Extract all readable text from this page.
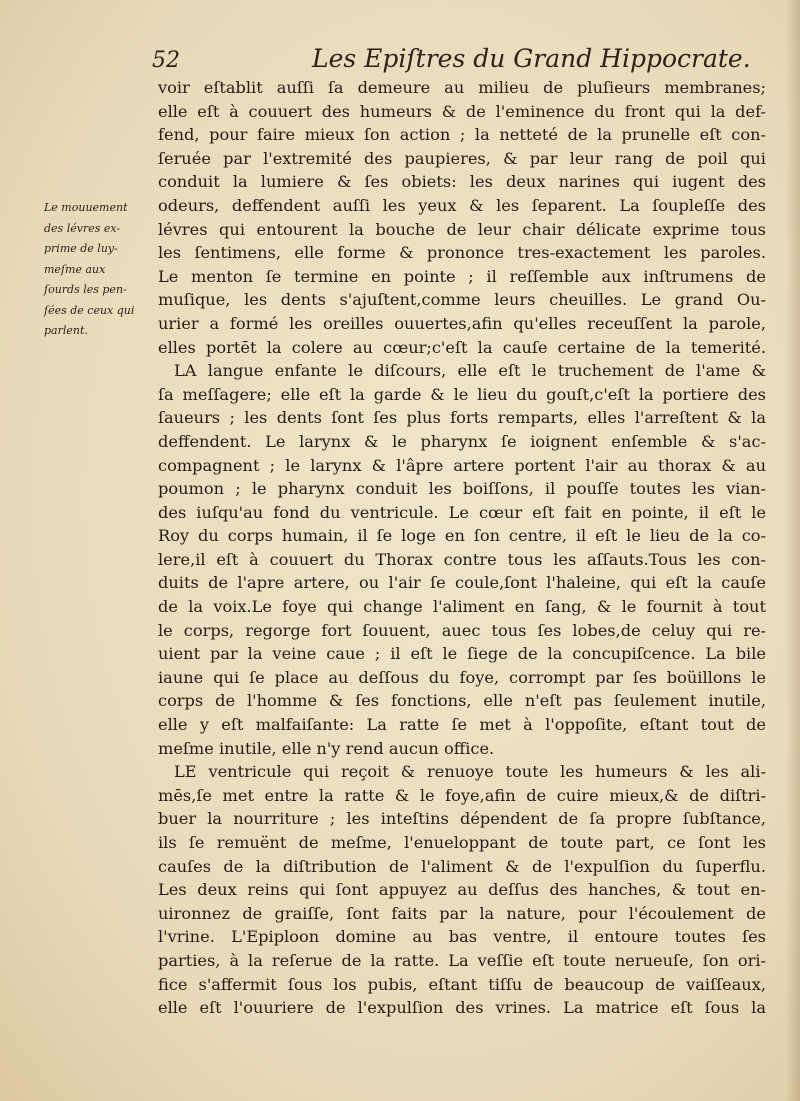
52	Les Epiſtres du Grand Hippocrate.
Le mouuement
des lévres ex-
prime de luy-
meſme aux
ſourds les pen-
ſées de ceux qui
parlent.
voir eſtablit auſſi ſa demeure au milieu de pluſieurs membranes;
elle eſt à couuert des humeurs & de l'eminence du front qui la def-
fend, pour faire mieux ſon action ; la netteté de la prunelle eſt con-
ſeruée par l'extremité des paupieres, & par leur rang de poil qui
conduit la lumiere & ſes obiets: les deux narines qui iugent des
odeurs, deffendent auſſi les yeux & les ſeparent. La ſoupleſſe des
lévres qui entourent la bouche de leur chair délicate exprime tous
les ſentimens, elle forme & prononce tres-exactement les paroles.
Le menton ſe termine en pointe ; il reſſemble aux inſtrumens de
muſique, les dents s'ajuſtent,comme leurs cheuilles. Le grand Ou-
urier a formé les oreilles ouuertes,afin qu'elles receuſſent la parole,
elles portēt la colere au cœur;c'eſt la cauſe certaine de la temerité.
LA langue enfante le diſcours, elle eſt le truchement de l'ame &
ſa meſſagere; elle eſt la garde & le lieu du gouſt,c'eſt la portiere des
ſaueurs ; les dents ſont ſes plus forts remparts, elles l'arreſtent & la
deffendent. Le larynx & le pharynx ſe ioignent enſemble & s'ac-
compagnent ; le larynx & l'âpre artere portent l'air au thorax & au
poumon ; le pharynx conduit les boiſſons, il pouſſe toutes les vian-
des iuſqu'au fond du ventricule. Le cœur eſt fait en pointe, il eſt le
Roy du corps humain, il ſe loge en ſon centre, il eſt le lieu de la co-
lere,il eſt à couuert du Thorax contre tous les aſſauts.Tous les con-
duits de l'apre artere, ou l'air ſe coule,ſont l'haleine, qui eſt la cauſe
de la voix.Le foye qui change l'aliment en ſang, & le fournit à tout
le corps, regorge fort ſouuent, auec tous ſes lobes,de celuy qui re-
uient par la veine caue ; il eſt le ſiege de la concupiſcence. La bile
iaune qui ſe place au deſſous du foye, corrompt par ſes boüillons le
corps de l'homme & ſes fonctions, elle n'eſt pas ſeulement inutile,
elle y eſt malfaiſante: La ratte ſe met à l'oppoſite, eſtant tout de
meſme inutile, elle n'y rend aucun office.
LE ventricule qui reçoit & renuoye toute les humeurs & les ali-
mēs,ſe met entre la ratte & le foye,afin de cuire mieux,& de diſtri-
buer la nourriture ; les inteſtins dépendent de ſa propre ſubſtance,
ils ſe remuënt de meſme, l'enueloppant de toute part, ce ſont les
cauſes de la diſtribution de l'aliment & de l'expulſion du ſuperflu.
Les deux reins qui ſont appuyez au deſſus des hanches, & tout en-
uironnez de graiſſe, ſont faits par la nature, pour l'écoulement de
l'vrine. L'Epiploon domine au bas ventre, il entoure toutes ſes
parties, à la reſerue de la ratte. La veſſie eſt toute nerueuſe, ſon ori-
fice s'affermit ſous los pubis, eſtant tiſſu de beaucoup de vaiſſeaux,
elle eſt l'ouuriere de l'expulſion des vrines. La matrice eſt ſous la
